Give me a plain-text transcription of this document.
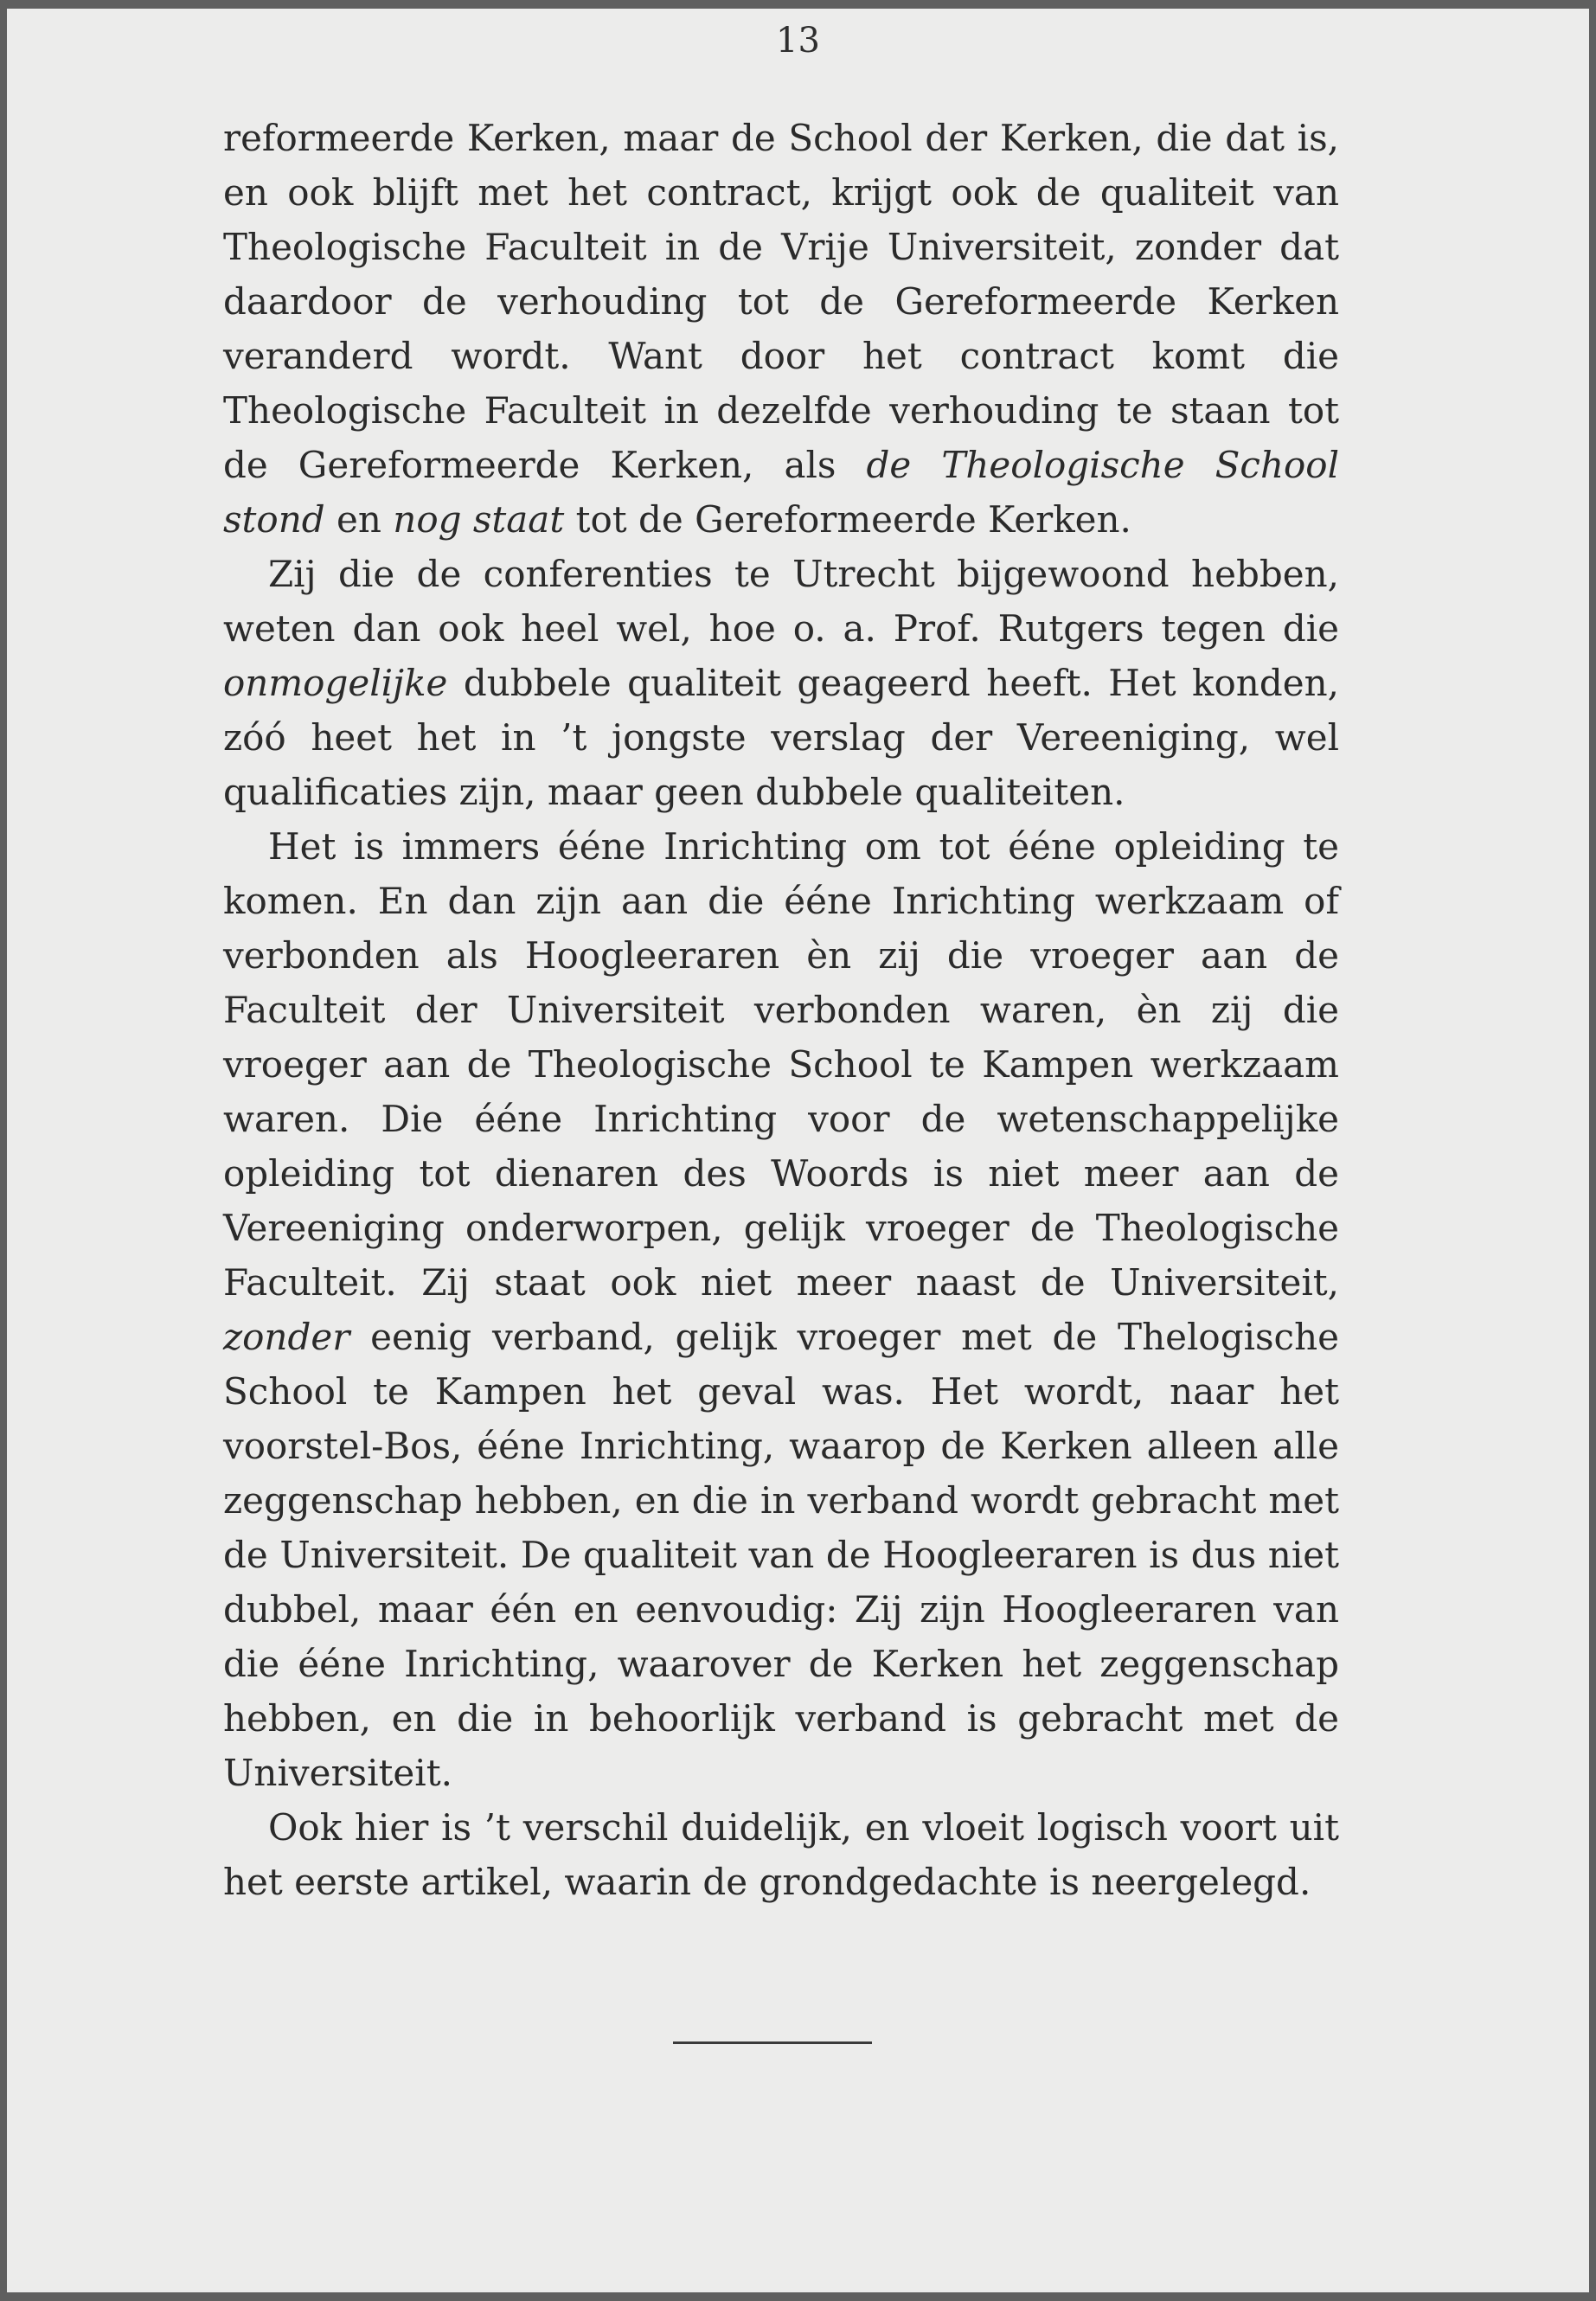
13

reformeerde Kerken, maar de School der Kerken, die dat is, en ook blijft met het contract, krijgt ook de qualiteit van Theologische Faculteit in de Vrije Universiteit, zonder dat daardoor de verhouding tot de Gereformeerde Kerken veranderd wordt. Want door het contract komt die Theologische Faculteit in dezelfde verhouding te staan tot de Gereformeerde Kerken, als de Theologische School stond en nog staat tot de Gereformeerde Kerken.

Zij die de conferenties te Utrecht bijgewoond hebben, weten dan ook heel wel, hoe o. a. Prof. Rutgers tegen die onmogelijke dubbele qualiteit geageerd heeft. Het konden, zóó heet het in ’t jongste verslag der Vereeniging, wel qualificaties zijn, maar geen dubbele qualiteiten.

Het is immers ééne Inrichting om tot ééne opleiding te komen. En dan zijn aan die ééne Inrichting werkzaam of verbonden als Hoogleeraren èn zij die vroeger aan de Faculteit der Universiteit verbonden waren, èn zij die vroeger aan de Theologische School te Kampen werkzaam waren. Die ééne Inrichting voor de wetenschappelijke opleiding tot dienaren des Woords is niet meer aan de Vereeniging onderworpen, gelijk vroeger de Theologische Faculteit. Zij staat ook niet meer naast de Universiteit, zonder eenig verband, gelijk vroeger met de Thelogische School te Kampen het geval was. Het wordt, naar het voorstel-Bos, ééne Inrichting, waarop de Kerken alleen alle zeggenschap hebben, en die in verband wordt gebracht met de Universiteit. De qualiteit van de Hoogleeraren is dus niet dubbel, maar één en eenvoudig: Zij zijn Hoogleeraren van die ééne Inrichting, waarover de Kerken het zeggenschap hebben, en die in behoorlijk verband is gebracht met de Universiteit.

Ook hier is ’t verschil duidelijk, en vloeit logisch voort uit het eerste artikel, waarin de grondgedachte is neergelegd.
